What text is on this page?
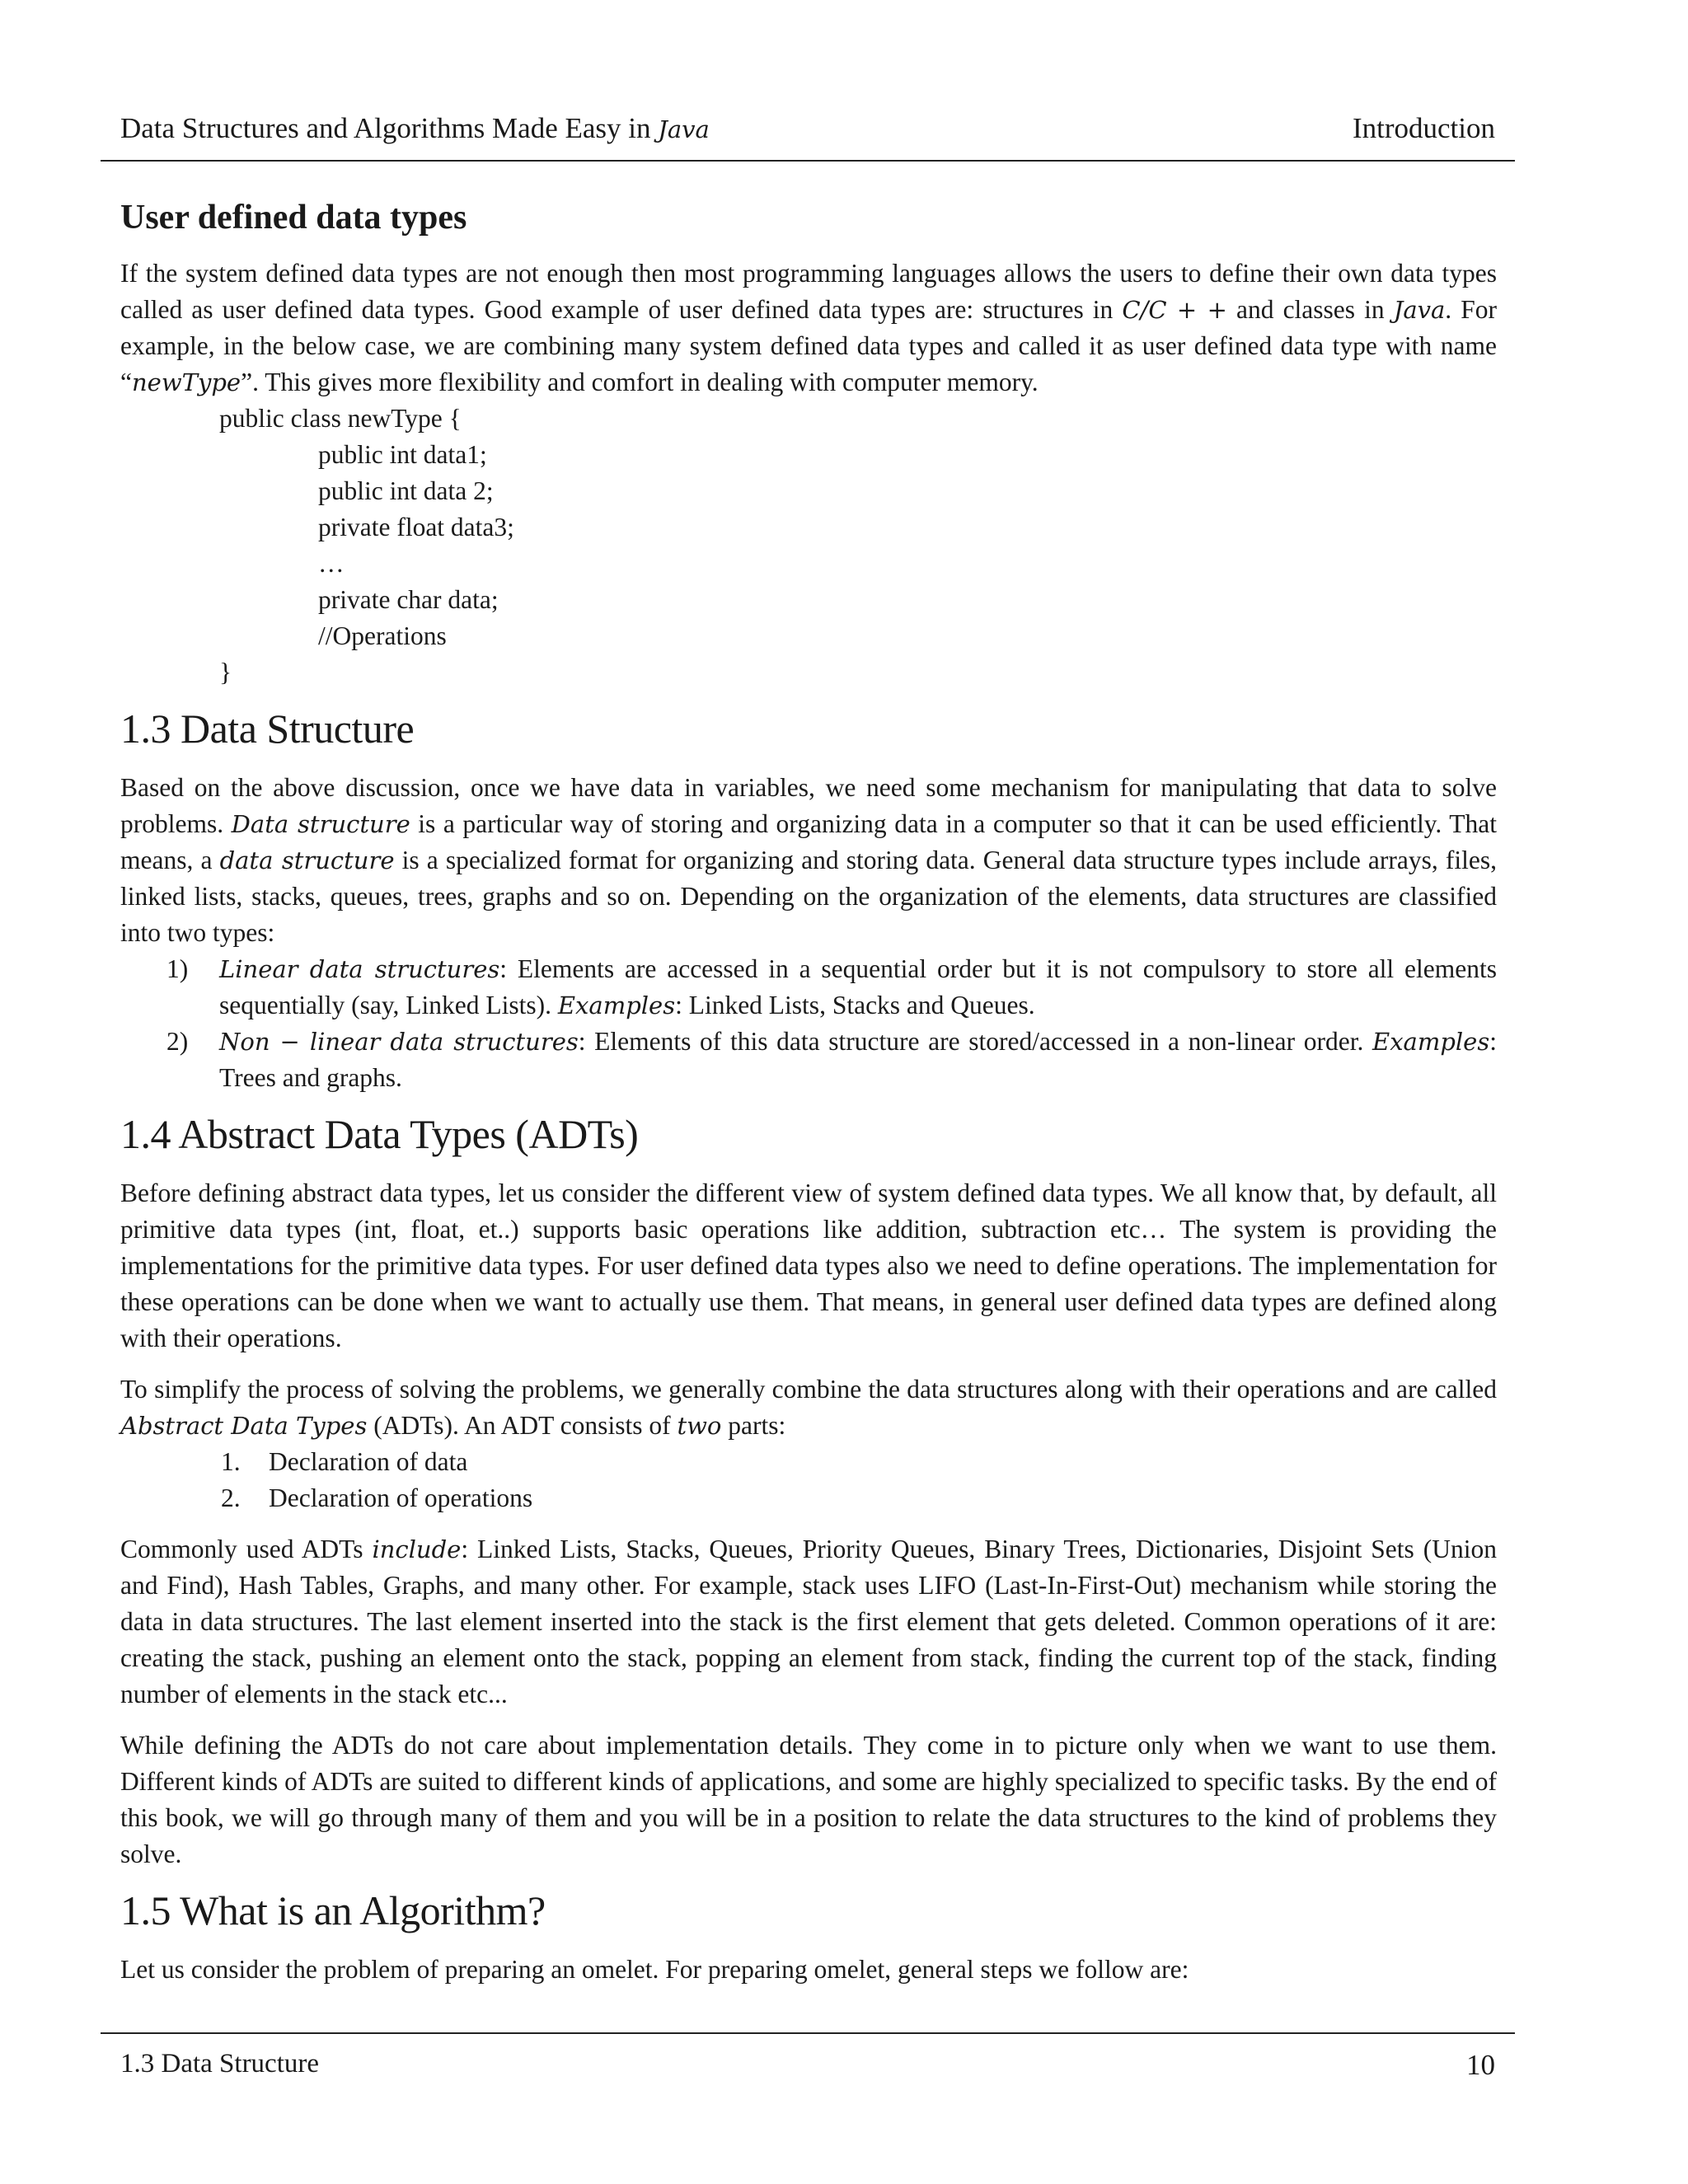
Data Structures and Algorithms Made Easy in Java	Introduction
User defined data types

If the system defined data types are not enough then most programming languages allows the users to define their own data types called as user defined data types. Good example of user defined data types are: structures in C/C + + and classes in Java. For example, in the below case, we are combining many system defined data types and called it as user defined data type with name “newType”. This gives more flexibility and comfort in dealing with computer memory.

public class newType {
public int data1;
public int data 2;
private float data3;
…
private char data;
//Operations
}
1.3 Data Structure

Based on the above discussion, once we have data in variables, we need some mechanism for manipulating that data to solve problems. Data structure is a particular way of storing and organizing data in a computer so that it can be used efficiently. That means, a data structure is a specialized format for organizing and storing data. General data structure types include arrays, files, linked lists, stacks, queues, trees, graphs and so on. Depending on the organization of the elements, data structures are classified into two types:

1) Linear data structures: Elements are accessed in a sequential order but it is not compulsory to store all elements sequentially (say, Linked Lists). Examples: Linked Lists, Stacks and Queues.
2) Non − linear data structures: Elements of this data structure are stored/accessed in a non-linear order. Examples: Trees and graphs.
1.4 Abstract Data Types (ADTs)

Before defining abstract data types, let us consider the different view of system defined data types. We all know that, by default, all primitive data types (int, float, et..) supports basic operations like addition, subtraction etc… The system is providing the implementations for the primitive data types. For user defined data types also we need to define operations. The implementation for these operations can be done when we want to actually use them. That means, in general user defined data types are defined along with their operations.

To simplify the process of solving the problems, we generally combine the data structures along with their operations and are called Abstract Data Types (ADTs). An ADT consists of two parts:

1. Declaration of data
2. Declaration of operations

Commonly used ADTs include: Linked Lists, Stacks, Queues, Priority Queues, Binary Trees, Dictionaries, Disjoint Sets (Union and Find), Hash Tables, Graphs, and many other. For example, stack uses LIFO (Last-In-First-Out) mechanism while storing the data in data structures. The last element inserted into the stack is the first element that gets deleted. Common operations of it are: creating the stack, pushing an element onto the stack, popping an element from stack, finding the current top of the stack, finding number of elements in the stack etc...

While defining the ADTs do not care about implementation details. They come in to picture only when we want to use them. Different kinds of ADTs are suited to different kinds of applications, and some are highly specialized to specific tasks. By the end of this book, we will go through many of them and you will be in a position to relate the data structures to the kind of problems they solve.

1.5 What is an Algorithm?

Let us consider the problem of preparing an omelet. For preparing omelet, general steps we follow are:

1.3 Data Structure	10
